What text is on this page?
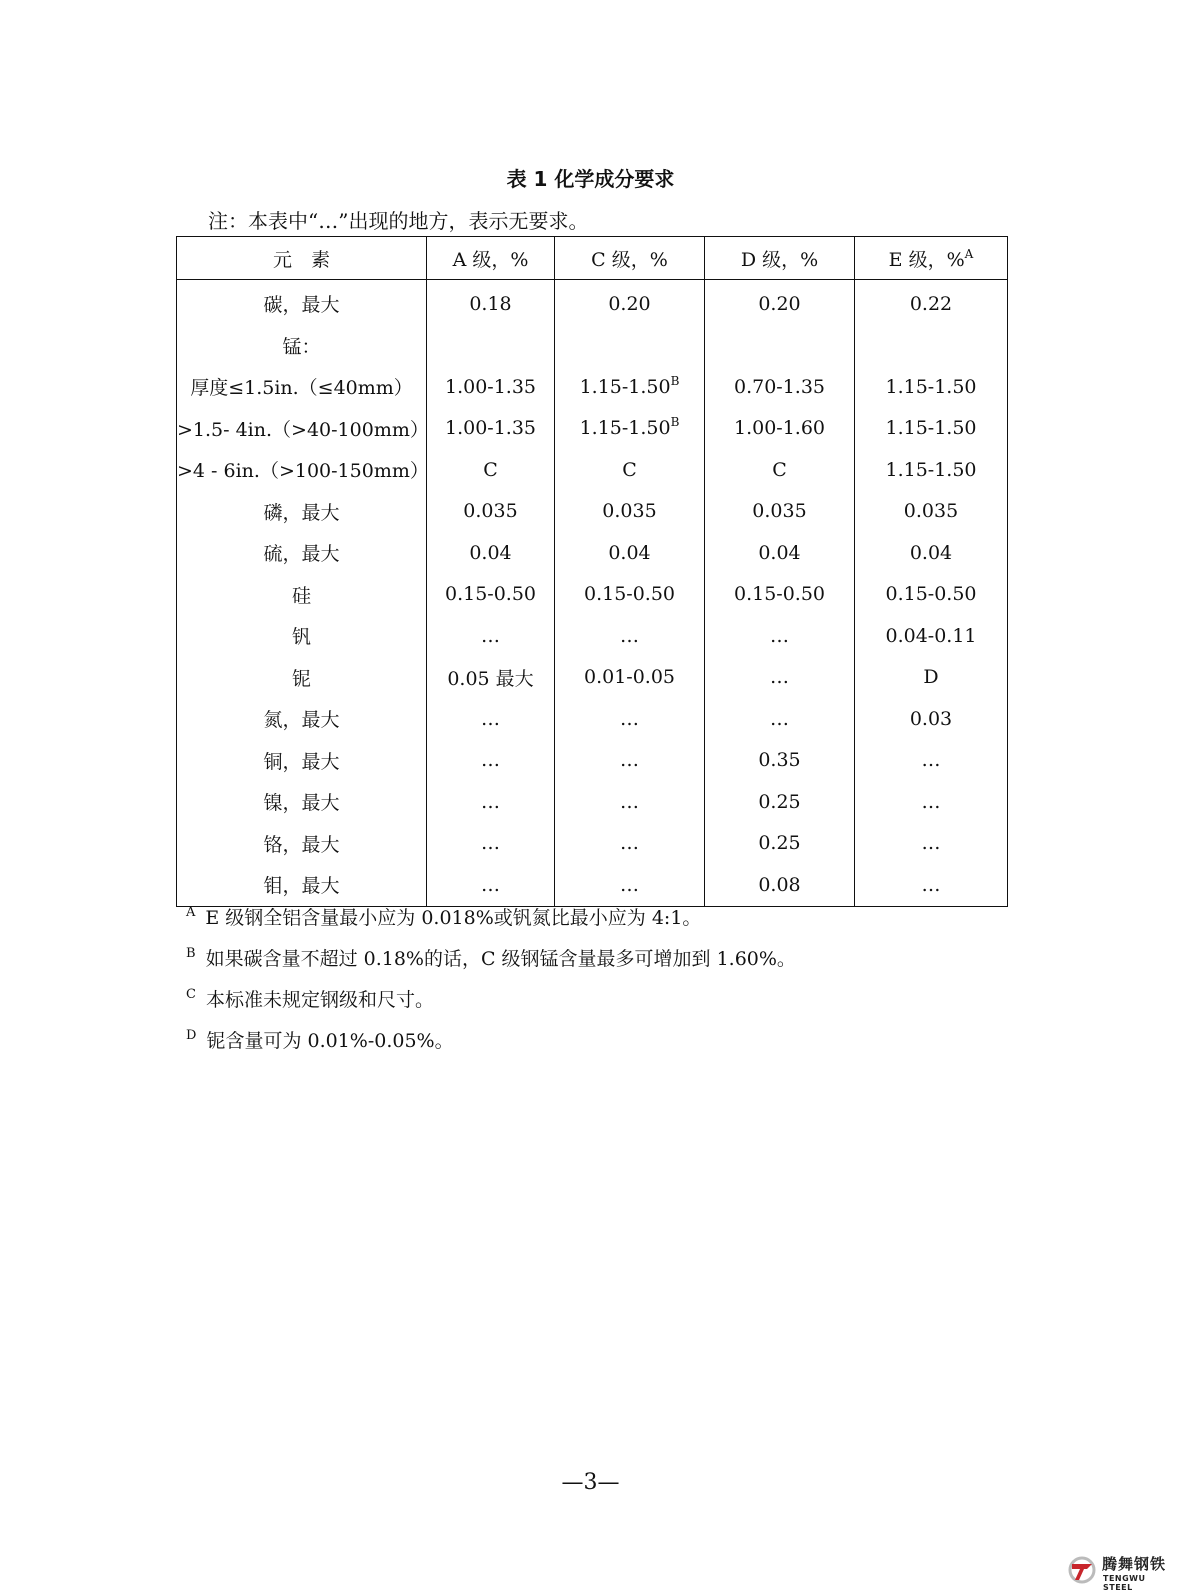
表 1 化学成分要求
注：本表中“…”出现的地方，表示无要求。
元　素	A 级，%	C 级，%	D 级，%	E 级，%$^A$
碳，最大	0.18	0.20	0.20	0.22
锰：				
厚度≤1.5in.（≤40mm）	1.00-1.35	$1.15-1.50^B$	0.70-1.35	1.15-1.50
>1.5- 4in.（>40-100mm）	1.00-1.35	$1.15-1.50^B$	1.00-1.60	1.15-1.50
>4 - 6in.（>100-150mm）	C	C	C	1.15-1.50
磷，最大	0.035	0.035	0.035	0.035
硫，最大	0.04	0.04	0.04	0.04
硅	0.15-0.50	0.15-0.50	0.15-0.50	0.15-0.50
钒	…	…	…	0.04-0.11
铌	0.05 最大	0.01-0.05	…	D
氮，最大	…	…	…	0.03
铜，最大	…	…	0.35	…
镍，最大	…	…	0.25	…
铬，最大	…	…	0.25	…
钼，最大	…	…	0.08	…
$^A$ E 级钢全铝含量最小应为 0.018%或钒氮比最小应为 4:1。
$^B$ 如果碳含量不超过 0.18%的话，C 级钢锰含量最多可增加到 1.60%。
$^C$ 本标准未规定钢级和尺寸。
$^D$ 铌含量可为 0.01%-0.05%。
—3—
腾舞钢铁
TENGWU STEEL
